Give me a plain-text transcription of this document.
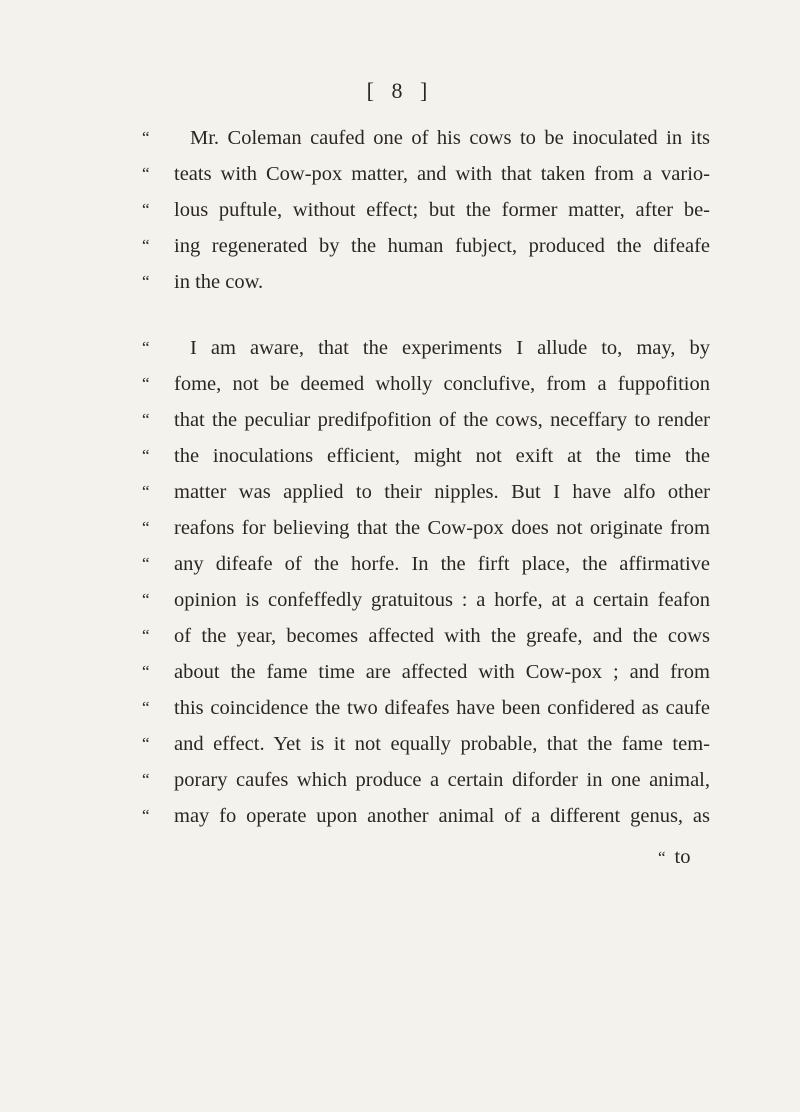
[ 8 ]
“ Mr. Coleman caufed one of his cows to be inoculated in its
“ teats with Cow-pox matter, and with that taken from a vario-
“ lous puftule, without effect; but the former matter, after be-
“ ing regenerated by the human fubject, produced the difeafe
“ in the cow.
“ I am aware, that the experiments I allude to, may, by
“ fome, not be deemed wholly conclufive, from a fuppofition
“ that the peculiar predifpofition of the cows, neceffary to render
“ the inoculations efficient, might not exift at the time the
“ matter was applied to their nipples. But I have alfo other
“ reafons for believing that the Cow-pox does not originate from
“ any difeafe of the horfe. In the firft place, the affirmative
“ opinion is confeffedly gratuitous : a horfe, at a certain feafon
“ of the year, becomes affected with the greafe, and the cows
“ about the fame time are affected with Cow-pox ; and from
“ this coincidence the two difeafes have been confidered as caufe
“ and effect. Yet is it not equally probable, that the fame tem-
“ porary caufes which produce a certain diforder in one animal,
“ may fo operate upon another animal of a different genus, as
“ to
